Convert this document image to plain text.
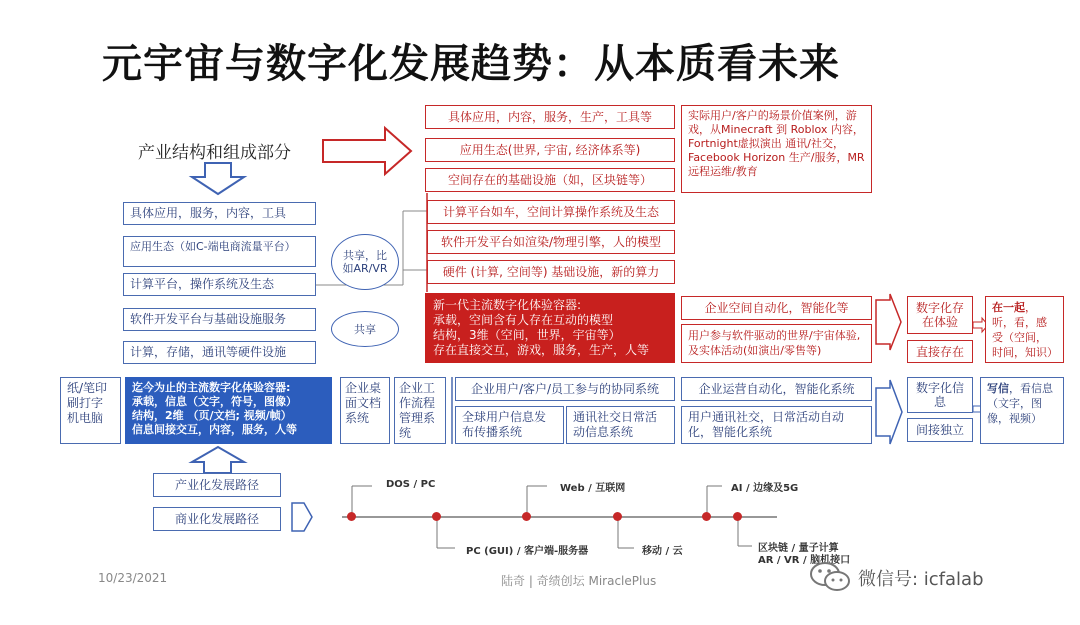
元宇宙与数字化发展趋势：从本质看未来
产业结构和组成部分
具体应用，服务，内容，工具
应用生态（如C-端电商流量平台）
计算平台，操作系统及生态
软件开发平台与基础设施服务
计算，存储，通讯等硬件设施
共享，比如AR/VR
共享
具体应用，内容，服务，生产，工具等
应用生态(世界, 宇宙, 经济体系等)
空间存在的基础设施（如，区块链等）
实际用户/客户的场景价值案例，游戏，从Minecraft 到 Roblox 内容，Fortnight虚拟演出 通讯/社交，Facebook Horizon 生产/服务，MR远程运维/教育
计算平台如车，空间计算操作系统及生态
软件开发平台如渲染/物理引擎，人的模型
硬件 (计算, 空间等) 基础设施，新的算力
新一代主流数字化体验容器:
承载，空间含有人存在互动的模型
结构，3维（空间，世界，宇宙等）
存在直接交互，游戏，服务，生产，人等
企业空间自动化，智能化等
用户参与软件驱动的世界/宇宙体验,及实体活动(如演出/零售等)
数字化存在体验
直接存在
在一起，听，看，感受（空间，时间，知识）
纸/笔印刷打字机电脑
迄今为止的主流数字化体验容器:
承载，信息（文字，符号，图像）
结构，2维 （页/文档; 视频/帧）
信息间接交互，内容，服务，人等
企业桌面文档系统
企业工作流程管理系统
企业用户/客户/员工参与的协同系统
全球用户信息发布传播系统
通讯社交日常活动信息系统
企业运营自动化，智能化系统
用户通讯社交，日常活动自动化，智能化系统
数字化信息
间接独立
写信，看信息（文字，图像，视频）
产业化发展路径
商业化发展路径
DOS / PC	Web / 互联网	AI / 边缘及5G
PC (GUI) / 客户端-服务器	移动 / 云	区块链 / 量子计算
AR / VR / 脑机接口
10/23/2021	陆奇 | 奇绩创坛 MiraclePlus	微信号: icfalab
